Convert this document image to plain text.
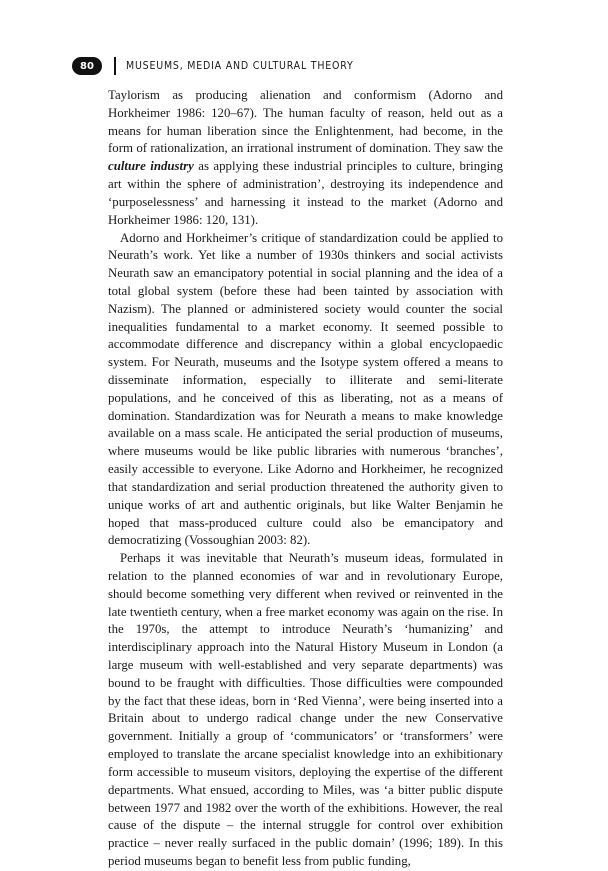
80	MUSEUMS, MEDIA AND CULTURAL THEORY

Taylorism as producing alienation and conformism (Adorno and Horkheimer 1986: 120–67). The human faculty of reason, held out as a means for human liberation since the Enlightenment, had become, in the form of rationalization, an irrational instrument of domination. They saw the culture industry as applying these industrial principles to culture, bringing art within the sphere of administration’, destroying its independence and ‘purposelessness’ and harnessing it instead to the market (Adorno and Horkheimer 1986: 120, 131).

Adorno and Horkheimer’s critique of standardization could be applied to Neurath’s work. Yet like a number of 1930s thinkers and social activists Neurath saw an emancipatory potential in social planning and the idea of a total global system (before these had been tainted by association with Nazism). The planned or administered society would counter the social inequalities fundamental to a market economy. It seemed possible to accommodate difference and discrepancy within a global encyclopaedic system. For Neurath, museums and the Isotype system offered a means to disseminate information, especially to illiterate and semi-literate populations, and he conceived of this as liberating, not as a means of domination. Standardization was for Neurath a means to make knowledge available on a mass scale. He anticipated the serial production of museums, where museums would be like public libraries with numerous ‘branches’, easily accessible to everyone. Like Adorno and Horkheimer, he recognized that standardization and serial production threatened the authority given to unique works of art and authentic originals, but like Walter Benjamin he hoped that mass-produced culture could also be emancipatory and democratizing (Vossoughian 2003: 82).

Perhaps it was inevitable that Neurath’s museum ideas, formulated in relation to the planned economies of war and in revolutionary Europe, should become something very different when revived or reinvented in the late twentieth century, when a free market economy was again on the rise. In the 1970s, the attempt to introduce Neurath’s ‘humanizing’ and interdisciplinary approach into the Natural History Museum in London (a large museum with well-established and very separate departments) was bound to be fraught with difficulties. Those difficulties were compounded by the fact that these ideas, born in ‘Red Vienna’, were being inserted into a Britain about to undergo radical change under the new Conservative government. Initially a group of ‘communicators’ or ‘transformers’ were employed to translate the arcane specialist knowledge into an exhibitionary form accessible to museum visitors, deploying the expertise of the different departments. What ensued, according to Miles, was ‘a bitter public dispute between 1977 and 1982 over the worth of the exhibitions. However, the real cause of the dispute – the internal struggle for control over exhibition practice – never really surfaced in the public domain’ (1996; 189). In this period museums began to benefit less from public funding,
